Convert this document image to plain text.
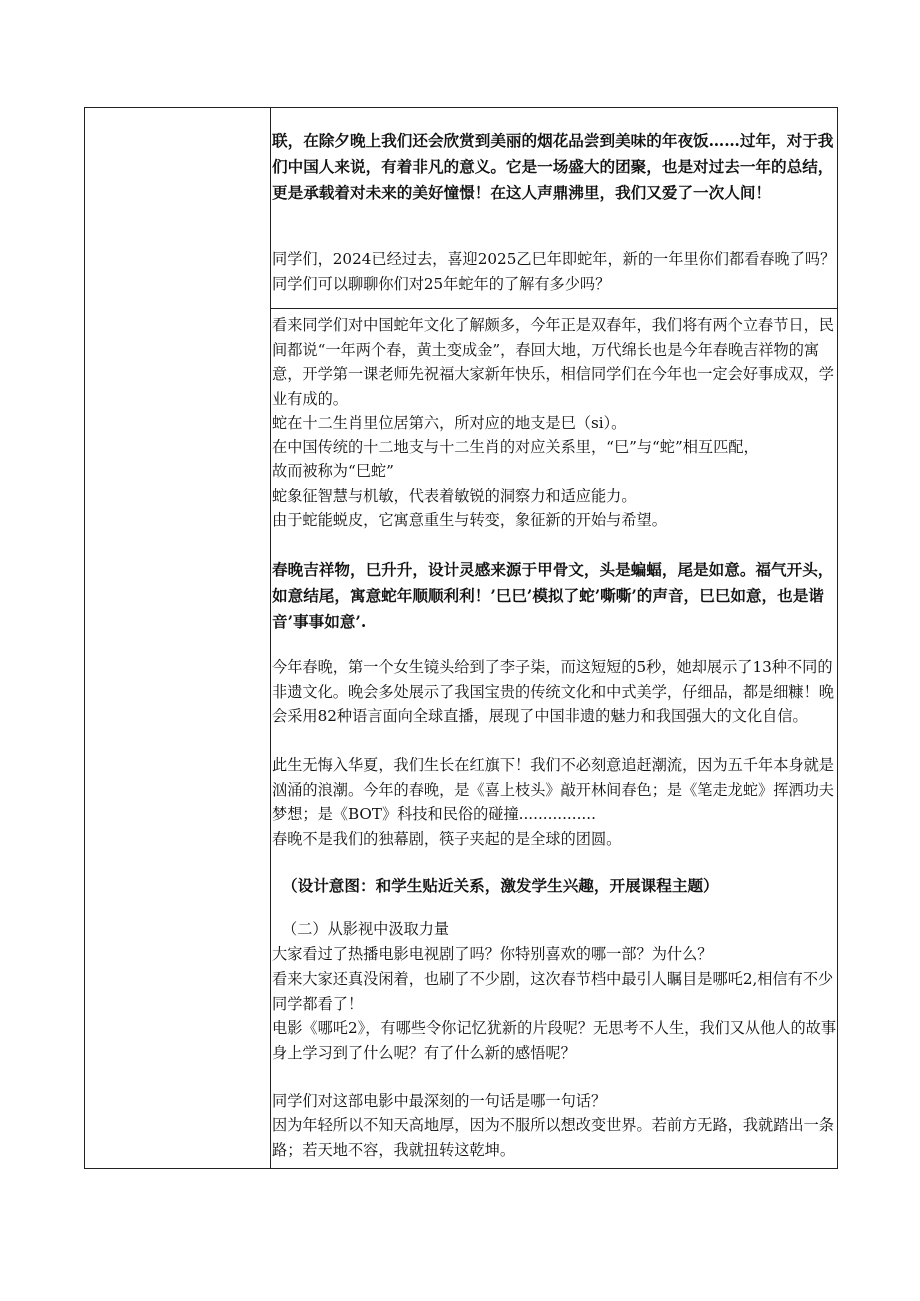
联，在除夕晚上我们还会欣赏到美丽的烟花品尝到美味的年夜饭……过年，对于我们中国人来说，有着非凡的意义。它是一场盛大的团聚，也是对过去一年的总结，更是承载着对未来的美好憧憬！在这人声鼎沸里，我们又爱了一次人间！

同学们，2024已经过去，喜迎2025乙巳年即蛇年，新的一年里你们都看春晚了吗？同学们可以聊聊你们对25年蛇年的了解有多少吗？

看来同学们对中国蛇年文化了解颇多，今年正是双春年，我们将有两个立春节日，民间都说“一年两个春，黄土变成金”，春回大地，万代绵长也是今年春晚吉祥物的寓意，开学第一课老师先祝福大家新年快乐，相信同学们在今年也一定会好事成双，学业有成的。

蛇在十二生肖里位居第六，所对应的地支是巳（si）。

在中国传统的十二地支与十二生肖的对应关系里，“巳”与“蛇”相互匹配，

故而被称为“巳蛇”

蛇象征智慧与机敏，代表着敏锐的洞察力和适应能力。

由于蛇能蜕皮，它寓意重生与转变，象征新的开始与希望。

春晚吉祥物，巳升升，设计灵感来源于甲骨文，头是蝙蝠，尾是如意。福气开头，如意结尾，寓意蛇年顺顺利利！’巳巳’模拟了蛇’嘶嘶’的声音，巳巳如意，也是谐音’事事如意’.

今年春晚，第一个女生镜头给到了李子柒，而这短短的5秒，她却展示了13种不同的非遗文化。晚会多处展示了我国宝贵的传统文化和中式美学，仔细品，都是细糠！晚会采用82种语言面向全球直播，展现了中国非遗的魅力和我国强大的文化自信。

此生无悔入华夏，我们生长在红旗下！我们不必刻意追赶潮流，因为五千年本身就是汹涌的浪潮。今年的春晚，是《喜上枝头》敲开林间春色；是《笔走龙蛇》挥洒功夫梦想；是《BOT》科技和民俗的碰撞................

春晚不是我们的独幕剧，筷子夹起的是全球的团圆。

（设计意图：和学生贴近关系，激发学生兴趣，开展课程主题）

（二）从影视中汲取力量

大家看过了热播电影电视剧了吗？你特别喜欢的哪一部？为什么？

看来大家还真没闲着，也刷了不少剧，这次春节档中最引人瞩目是哪吒2,相信有不少同学都看了！

电影《哪吒2》，有哪些令你记忆犹新的片段呢？无思考不人生，我们又从他人的故事身上学习到了什么呢？有了什么新的感悟呢？

同学们对这部电影中最深刻的一句话是哪一句话？

因为年轻所以不知天高地厚，因为不服所以想改变世界。若前方无路，我就踏出一条路；若天地不容，我就扭转这乾坤。
